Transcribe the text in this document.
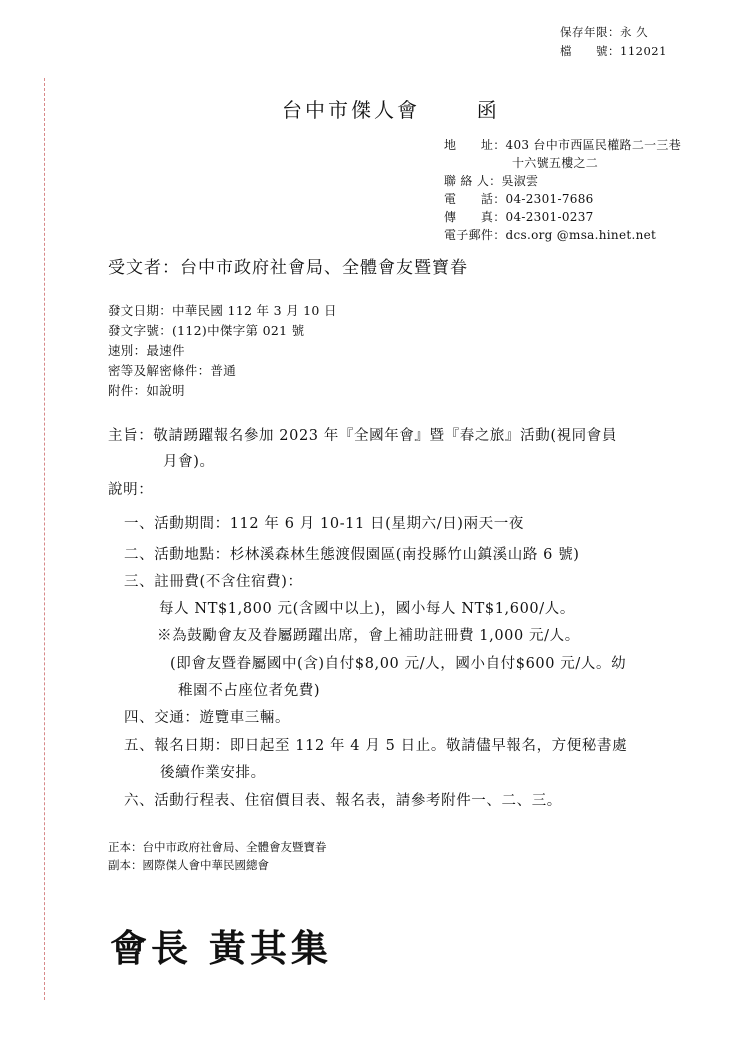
保存年限：永 久
檔　　號：112021
台中市傑人會	函
地　　址：403 台中市西區民權路二一三巷
十六號五樓之二
聯 絡 人：吳淑雲
電　　話：04-2301-7686
傳　　真：04-2301-0237
電子郵件：dcs.org @msa.hinet.net
受文者：台中市政府社會局、全體會友暨寶眷
發文日期：中華民國 112 年 3 月 10 日
發文字號：(112)中傑字第 021 號
速別：最速件
密等及解密條件：普通
附件：如說明
主旨：敬請踴躍報名參加 2023 年『全國年會』暨『春之旅』活動(視同會員
月會)。
說明：
一、活動期間：112 年 6 月 10-11 日(星期六/日)兩天一夜
二、活動地點：杉林溪森林生態渡假園區(南投縣竹山鎮溪山路 6 號)
三、註冊費(不含住宿費)：
每人 NT$1,800 元(含國中以上)，國小每人 NT$1,600/人。
※為鼓勵會友及眷屬踴躍出席，會上補助註冊費 1,000 元/人。
(即會友暨眷屬國中(含)自付$8,00 元/人，國小自付$600 元/人。幼
稚園不占座位者免費)
四、交通：遊覽車三輛。
五、報名日期：即日起至 112 年 4 月 5 日止。敬請儘早報名，方便秘書處
後續作業安排。
六、活動行程表、住宿價目表、報名表，請參考附件一、二、三。
正本：台中市政府社會局、全體會友暨寶眷
副本：國際傑人會中華民國總會
會長 黃其集
